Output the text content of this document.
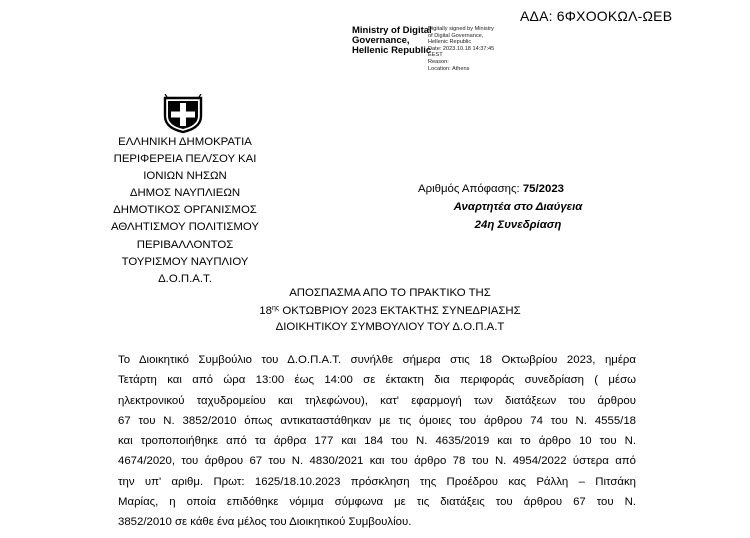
ΑΔΑ: 6ΦΧΟΟΚΩΛ-ΩΕΒ
Ministry of Digital
Governance,
Hellenic Republic
Digitally signed by Ministry
of Digital Governance,
Hellenic Republic
Date: 2023.10.18 14:37:45
EEST
Reason:
Location: Athens
ΕΛΛΗΝΙΚΗ ΔΗΜΟΚΡΑΤΙΑ
ΠΕΡΙΦΕΡΕΙΑ ΠΕΛ/ΣΟΥ ΚΑΙ
ΙΟΝΙΩΝ ΝΗΣΩΝ
ΔΗΜΟΣ ΝΑΥΠΛΙΕΩΝ
ΔΗΜΟΤΙΚΟΣ ΟΡΓΑΝΙΣΜΟΣ
ΑΘΛΗΤΙΣΜΟΥ ΠΟΛΙΤΙΣΜΟΥ
ΠΕΡΙΒΑΛΛΟΝΤΟΣ
ΤΟΥΡΙΣΜΟΥ ΝΑΥΠΛΙΟΥ
Δ.Ο.Π.Α.Τ.
Αριθμός Απόφασης: 75/2023
Αναρτητέα στο Διαύγεια
24η Συνεδρίαση
ΑΠΟΣΠΑΣΜΑ ΑΠΟ ΤΟ ΠΡΑΚΤΙΚΟ ΤΗΣ
$18^{\eta\varsigma}$ ΟΚΤΩΒΡΙΟΥ 2023 ΕΚΤΑΚΤΗΣ ΣΥΝΕΔΡΙΑΣΗΣ
ΔΙΟΙΚΗΤΙΚΟΥ ΣΥΜΒΟΥΛΙΟΥ ΤΟΥ Δ.Ο.Π.Α.Τ
Το Διοικητικό Συμβούλιο του Δ.Ο.Π.Α.Τ. συνήλθε σήμερα στις 18 Οκτωβρίου 2023, ημέρα
Τετάρτη και από ώρα 13:00 έως 14:00 σε έκτακτη δια περιφοράς συνεδρίαση ( μέσω
ηλεκτρονικού ταχυδρομείου και τηλεφώνου), κατ' εφαρμογή των διατάξεων του άρθρου
67 του Ν. 3852/2010 όπως αντικαταστάθηκαν με τις όμοιες του άρθρου 74 του Ν. 4555/18
και τροποποιήθηκε από τα άρθρα 177 και 184 του Ν. 4635/2019 και το άρθρο 10 του Ν.
4674/2020, του άρθρου 67 του Ν. 4830/2021 και του άρθρο 78 του Ν. 4954/2022 ύστερα από
την υπ' αριθμ. Πρωτ: 1625/18.10.2023 πρόσκληση της Προέδρου κας Ράλλη – Πιτσάκη
Μαρίας, η οποία επιδόθηκε νόμιμα σύμφωνα με τις διατάξεις του άρθρου 67 του Ν.
3852/2010 σε κάθε ένα μέλος του Διοικητικού Συμβουλίου.
